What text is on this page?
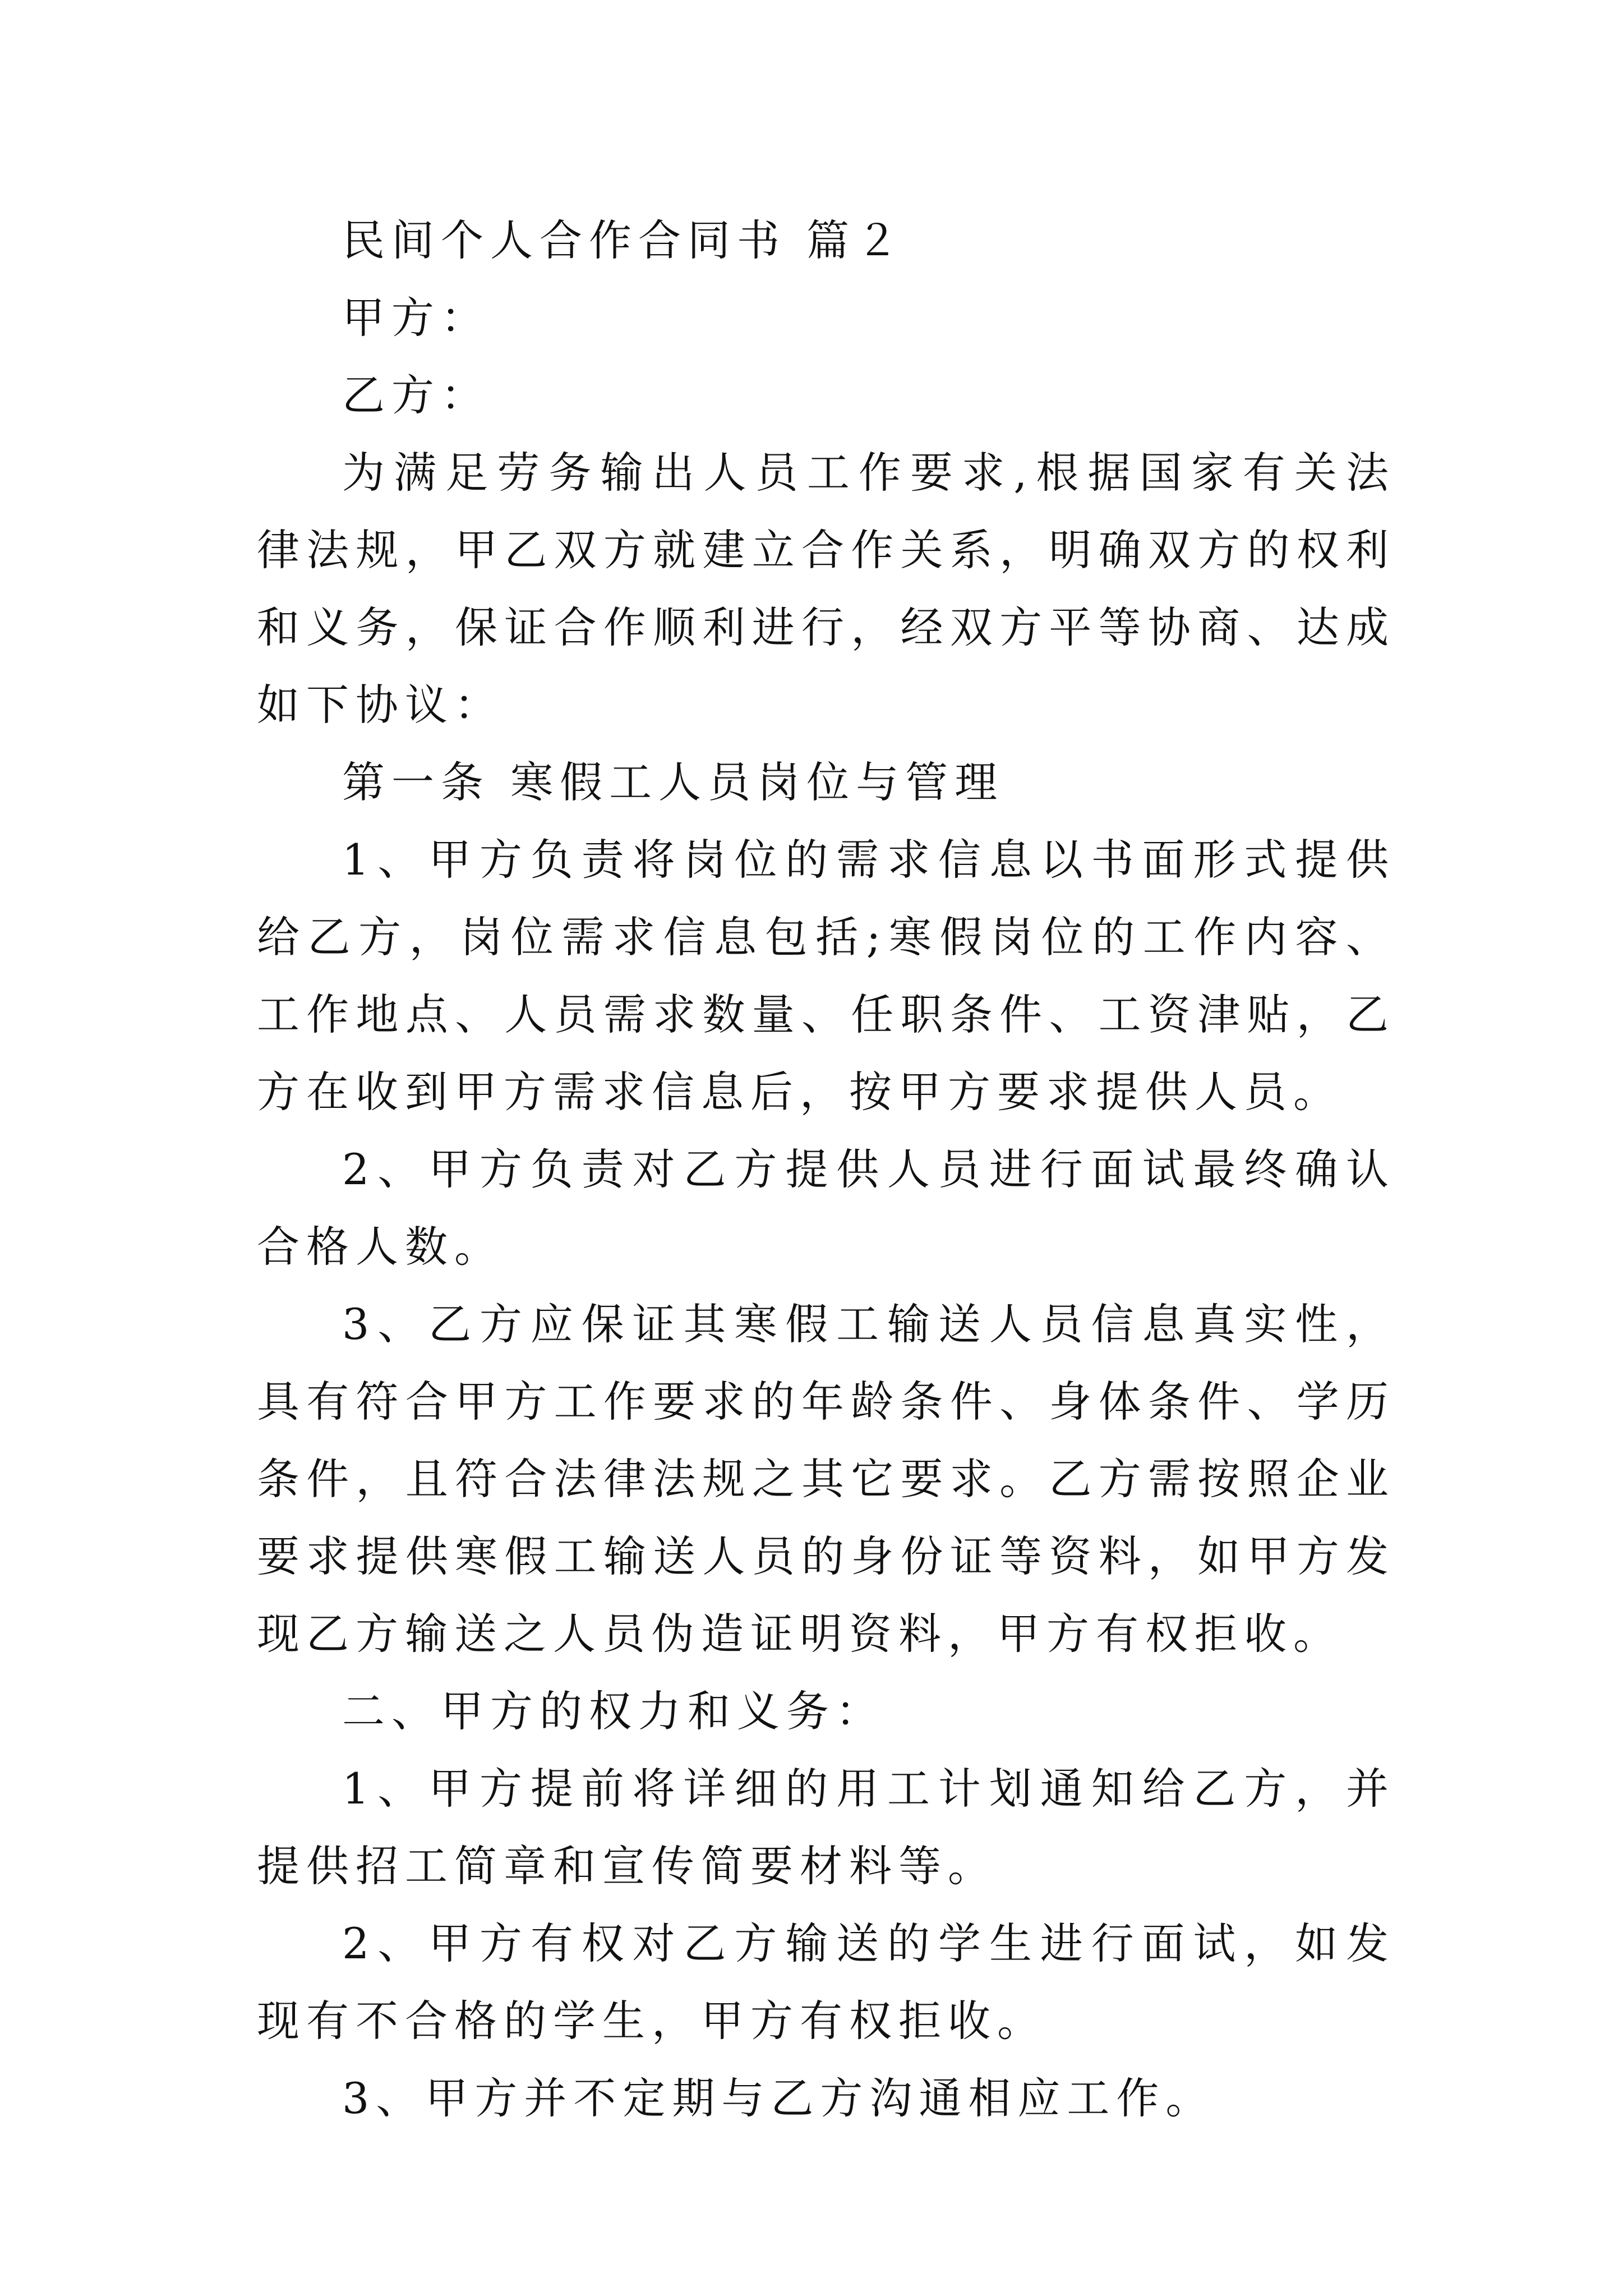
民间个人合作合同书 篇２

甲方：

乙方：

为满足劳务输出人员工作要求,根据国家有关法律法规，甲乙双方就建立合作关系，明确双方的权利和义务，保证合作顺利进行，经双方平等协商、达成如下协议：

第一条 寒假工人员岗位与管理

1、甲方负责将岗位的需求信息以书面形式提供给乙方，岗位需求信息包括;寒假岗位的工作内容、工作地点、人员需求数量、任职条件、工资津贴，乙方在收到甲方需求信息后，按甲方要求提供人员。

2、甲方负责对乙方提供人员进行面试最终确认合格人数。

3、乙方应保证其寒假工输送人员信息真实性，具有符合甲方工作要求的年龄条件、身体条件、学历条件，且符合法律法规之其它要求。乙方需按照企业要求提供寒假工输送人员的身份证等资料，如甲方发现乙方输送之人员伪造证明资料，甲方有权拒收。

二、甲方的权力和义务：

1、甲方提前将详细的用工计划通知给乙方，并提供招工简章和宣传简要材料等。

2、甲方有权对乙方输送的学生进行面试，如发现有不合格的学生，甲方有权拒收。

3、甲方并不定期与乙方沟通相应工作。
